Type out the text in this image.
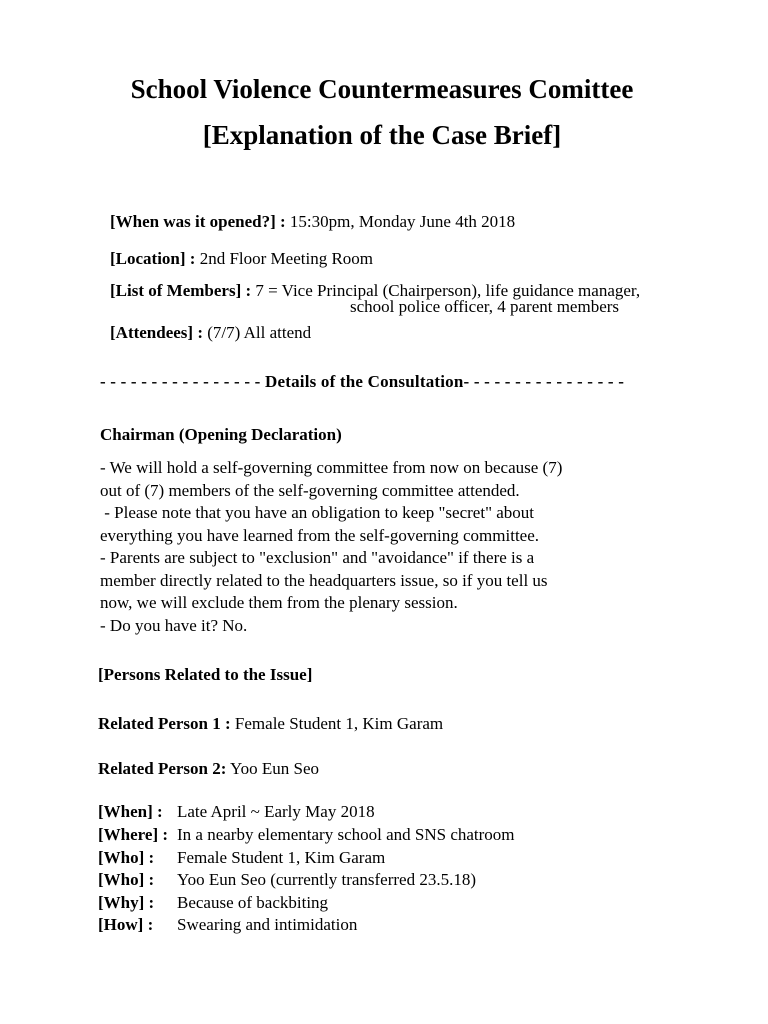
School Violence Countermeasures Comittee
[Explanation of the Case Brief]
[When was it opened?] : 15:30pm, Monday June 4th 2018
[Location] : 2nd Floor Meeting Room
[List of Members] : 7 = Vice Principal (Chairperson), life guidance manager,
school police officer, 4 parent members
[Attendees] : (7/7) All attend
- - - - - - - - - - - - - - - - Details of the Consultation- - - - - - - - - - - - - - - -
Chairman (Opening Declaration)
- We will hold a self-governing committee from now on because (7)
out of (7) members of the self-governing committee attended.
- Please note that you have an obligation to keep "secret" about
everything you have learned from the self-governing committee.
- Parents are subject to "exclusion" and "avoidance" if there is a
member directly related to the headquarters issue, so if you tell us
now, we will exclude them from the plenary session.
- Do you have it? No.
[Persons Related to the Issue]
Related Person 1 : Female Student 1, Kim Garam
Related Person 2: Yoo Eun Seo
[When] : Late April ~ Early May 2018
[Where] : In a nearby elementary school and SNS chatroom
[Who] : Female Student 1, Kim Garam
[Who] : Yoo Eun Seo (currently transferred 23.5.18)
[Why] : Because of backbiting
[How] : Swearing and intimidation
